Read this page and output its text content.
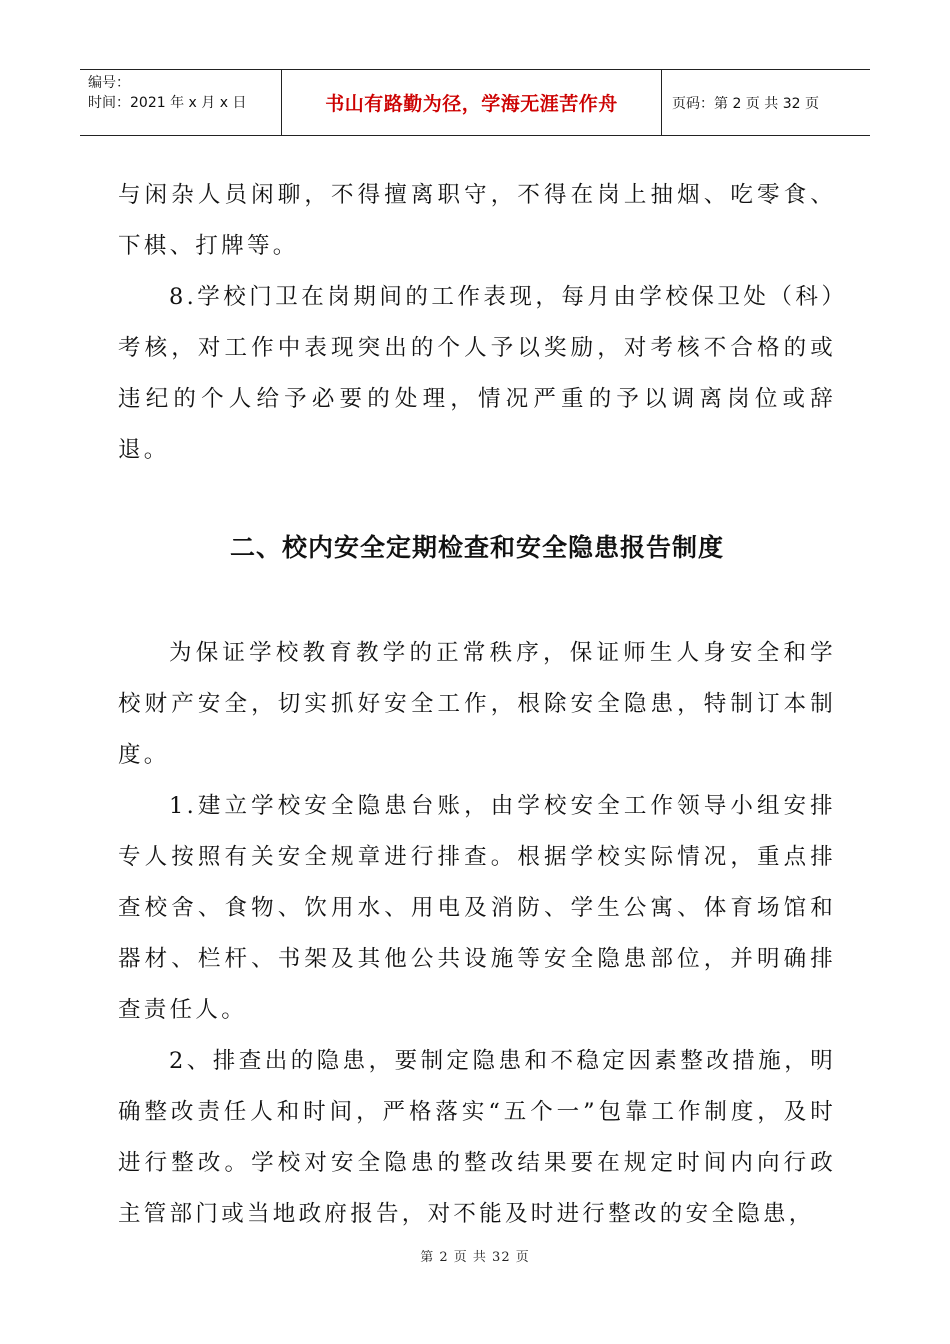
编号：
时间：2021 年 x 月 x 日	书山有路勤为径，学海无涯苦作舟	页码：第 2 页 共 32 页

与闲杂人员闲聊，不得擅离职守，不得在岗上抽烟、吃零食、下棋、打牌等。

8.学校门卫在岗期间的工作表现，每月由学校保卫处（科）考核，对工作中表现突出的个人予以奖励，对考核不合格的或违纪的个人给予必要的处理，情况严重的予以调离岗位或辞退。

二、校内安全定期检查和安全隐患报告制度

为保证学校教育教学的正常秩序，保证师生人身安全和学校财产安全，切实抓好安全工作，根除安全隐患，特制订本制度。

1.建立学校安全隐患台账，由学校安全工作领导小组安排专人按照有关安全规章进行排查。根据学校实际情况，重点排查校舍、食物、饮用水、用电及消防、学生公寓、体育场馆和器材、栏杆、书架及其他公共设施等安全隐患部位，并明确排查责任人。

2、排查出的隐患，要制定隐患和不稳定因素整改措施，明确整改责任人和时间，严格落实“五个一”包靠工作制度，及时进行整改。学校对安全隐患的整改结果要在规定时间内向行政主管部门或当地政府报告，对不能及时进行整改的安全隐患，

第 2 页 共 32 页
